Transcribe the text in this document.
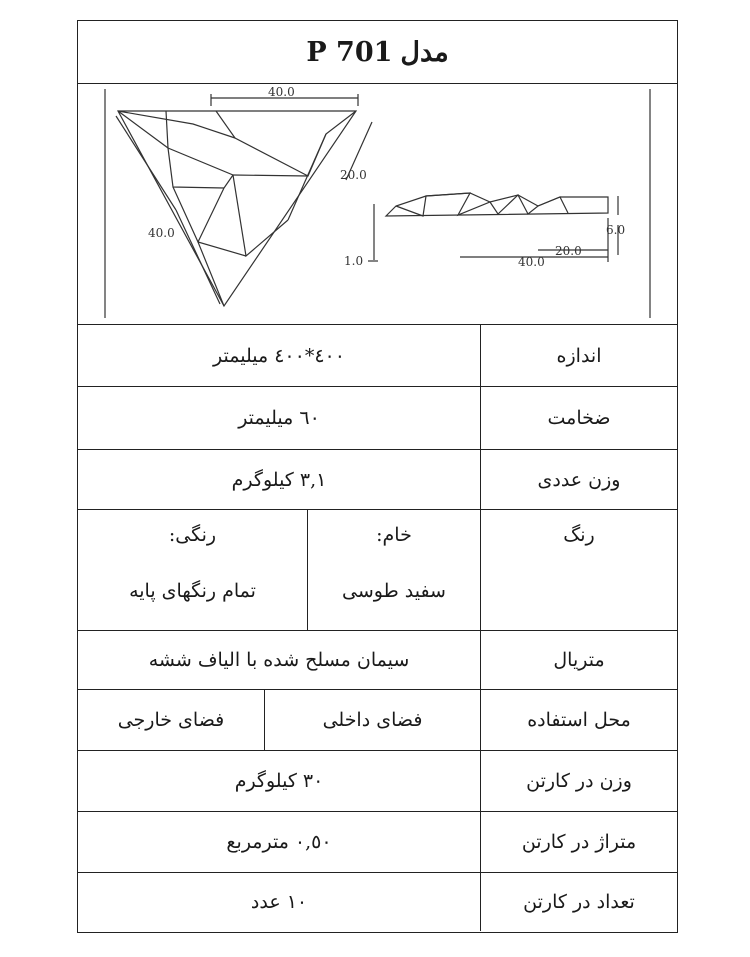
مدل
P 701
40.0
20.0
40.0	6.0
1.0
20.0
40.0
اندازه
٤٠٠*٤٠٠ میلیمتر
ضخامت
٦٠ میلیمتر
وزن عددی
٣,١ کیلوگرم
رنگ
خام:
سفید طوسی
رنگی:
تمام رنگهای پایه
متریال
سیمان مسلح شده با الیاف ششه
محل استفاده
فضای داخلی
فضای خارجی
وزن در کارتن
٣٠ کیلوگرم
متراژ در کارتن
٠,٥٠ مترمربع
تعداد در کارتن
١٠ عدد
